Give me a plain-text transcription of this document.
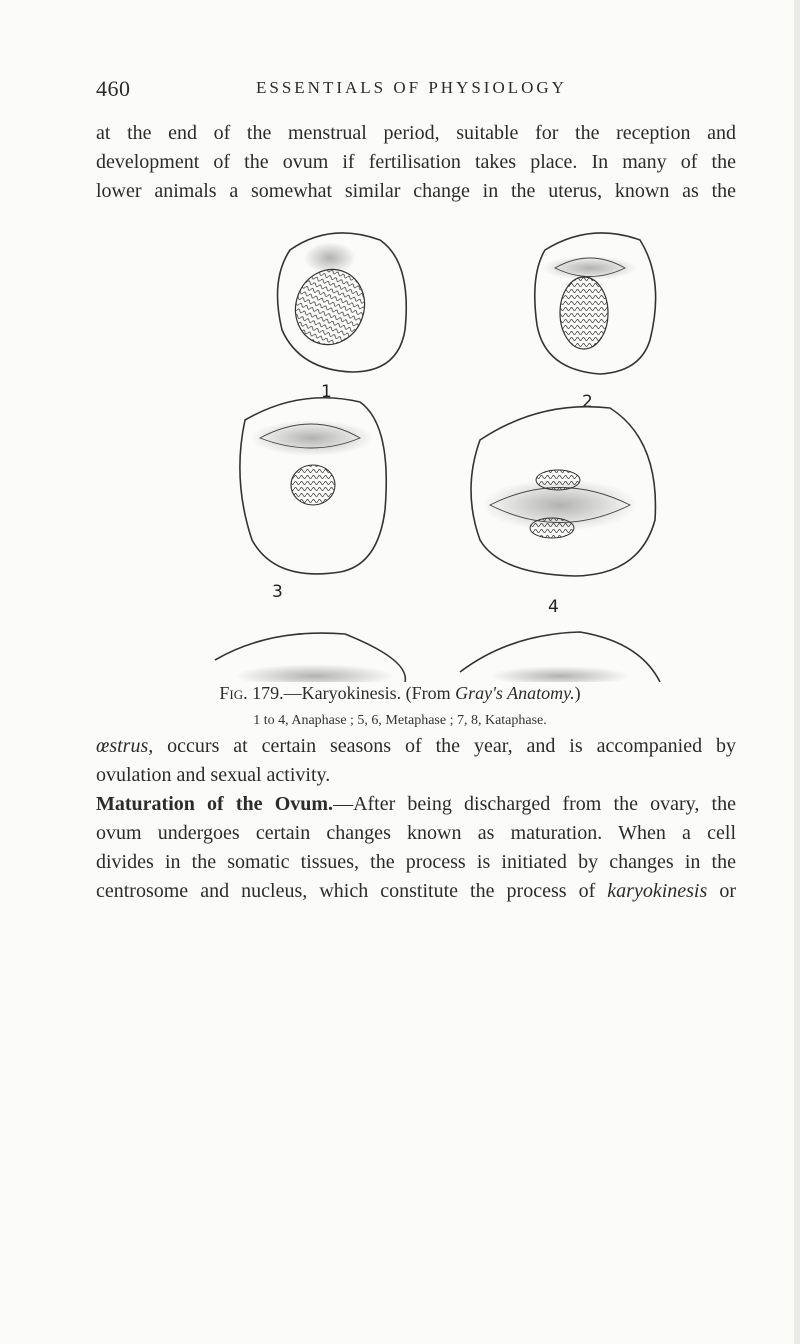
460	ESSENTIALS OF PHYSIOLOGY

at the end of the menstrual period, suitable for the reception and
development of the ovum if fertilisation takes place. In many of the
lower animals a somewhat similar change in the uterus, known as the

1	2
3
4

Fig. 179.—Karyokinesis. (From Gray's Anatomy.)

1 to 4, Anaphase ; 5, 6, Metaphase ; 7, 8, Kataphase.

œstrus, occurs at certain seasons of the year, and is accompanied by
ovulation and sexual activity.
Maturation of the Ovum.—After being discharged from the ovary, the
ovum undergoes certain changes known as maturation. When a cell
divides in the somatic tissues, the process is initiated by changes in the
centrosome and nucleus, which constitute the process of karyokinesis or
